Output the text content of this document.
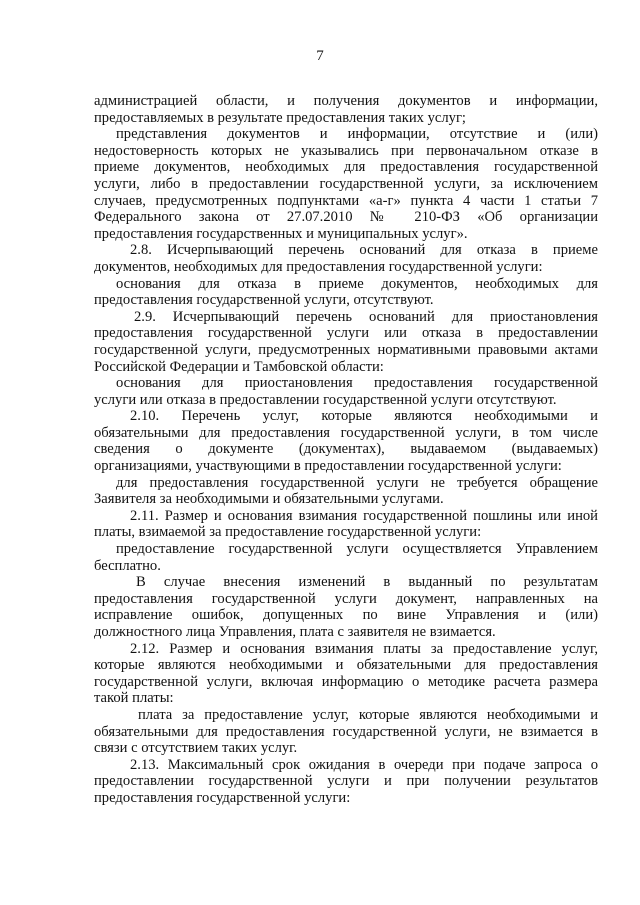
7
администрацией области, и получения документов и информации,
предоставляемых в результате предоставления таких услуг;
представления документов и информации, отсутствие и (или)
недостоверность которых не указывались при первоначальном отказе в
приеме документов, необходимых для предоставления государственной
услуги, либо в предоставлении государственной услуги, за исключением
случаев, предусмотренных подпунктами «а-г» пункта 4 части 1 статьи 7
Федерального закона от 27.07.2010 № 210-ФЗ «Об организации
предоставления государственных и муниципальных услуг».
2.8. Исчерпывающий перечень оснований для отказа в приеме
документов, необходимых для предоставления государственной услуги:
основания для отказа в приеме документов, необходимых для
предоставления государственной услуги, отсутствуют.
2.9. Исчерпывающий перечень оснований для приостановления
предоставления государственной услуги или отказа в предоставлении
государственной услуги, предусмотренных нормативными правовыми актами
Российской Федерации и Тамбовской области:
основания для приостановления предоставления государственной
услуги или отказа в предоставлении государственной услуги отсутствуют.
2.10. Перечень услуг, которые являются необходимыми и
обязательными для предоставления государственной услуги, в том числе
сведения о документе (документах), выдаваемом (выдаваемых)
организациями, участвующими в предоставлении государственной услуги:
для предоставления государственной услуги не требуется обращение
Заявителя за необходимыми и обязательными услугами.
2.11. Размер и основания взимания государственной пошлины или иной
платы, взимаемой за предоставление государственной услуги:
предоставление государственной услуги осуществляется Управлением
бесплатно.
В случае внесения изменений в выданный по результатам
предоставления государственной услуги документ, направленных на
исправление ошибок, допущенных по вине Управления и (или)
должностного лица Управления, плата с заявителя не взимается.
2.12. Размер и основания взимания платы за предоставление услуг,
которые являются необходимыми и обязательными для предоставления
государственной услуги, включая информацию о методике расчета размера
такой платы:
плата за предоставление услуг, которые являются необходимыми и
обязательными для предоставления государственной услуги, не взимается в
связи с отсутствием таких услуг.
2.13. Максимальный срок ожидания в очереди при подаче запроса о
предоставлении государственной услуги и при получении результатов
предоставления государственной услуги:
